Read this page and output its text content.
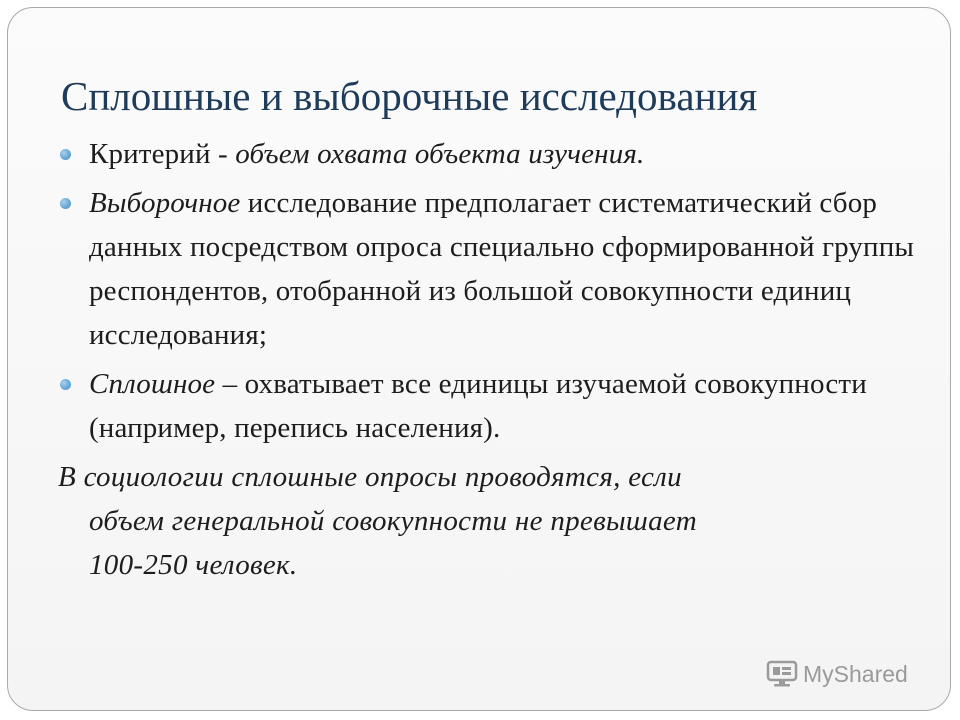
Сплошные и выборочные исследования
Критерий - объем охвата объекта изучения.
Выборочное исследование предполагает систематический сбор данных посредством опроса специально сформированной группы респондентов, отобранной из большой совокупности единиц исследования;
Сплошное – охватывает все единицы изучаемой совокупности (например, перепись населения).
В социологии сплошные опросы проводятся, если
объем генеральной совокупности не превышает
100-250 человек.
MyShared
